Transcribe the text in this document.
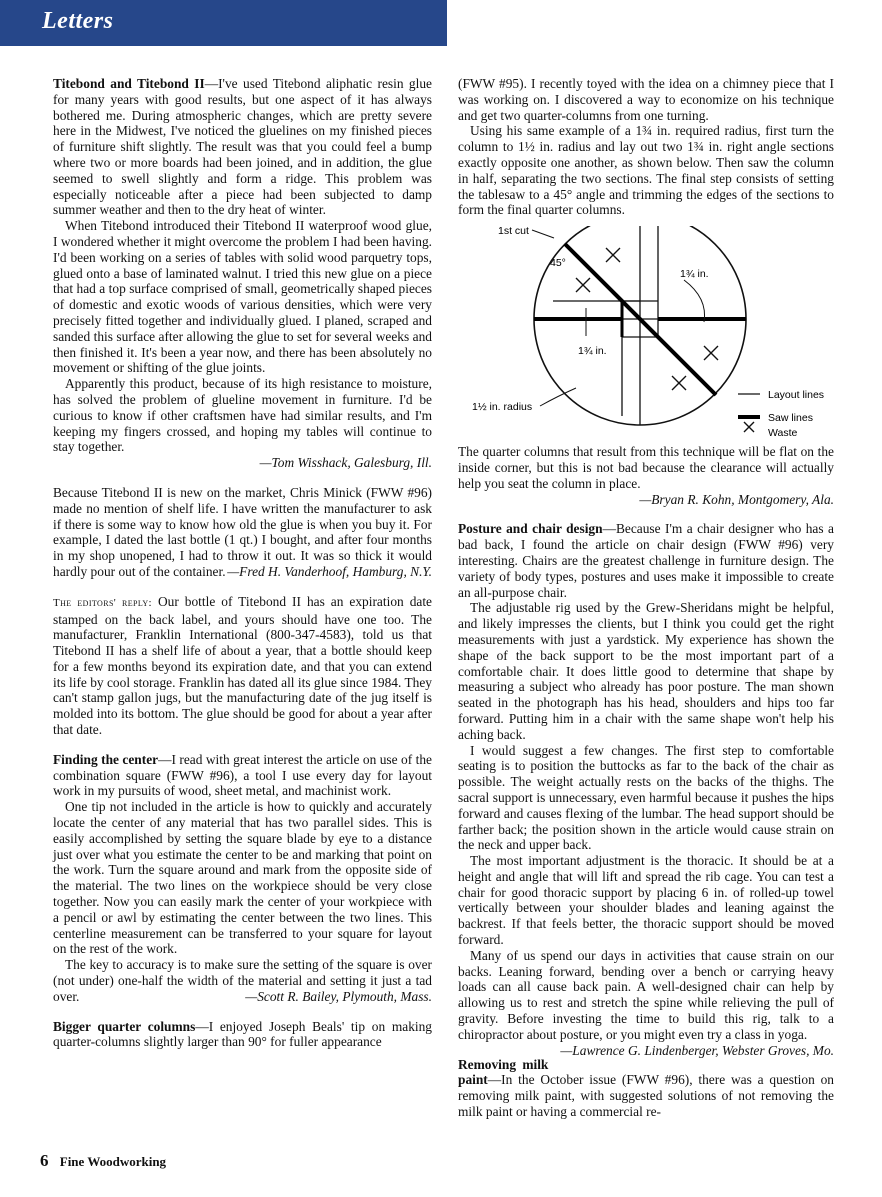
Letters

Titebond and Titebond II—I've used Titebond aliphatic resin glue for many years with good results, but one aspect of it has always bothered me. During atmospheric changes, which are pretty severe here in the Midwest, I've noticed the gluelines on my finished pieces of furniture shift slightly. The result was that you could feel a bump where two or more boards had been joined, and in addition, the glue seemed to swell slightly and form a ridge. This problem was especially noticeable after a piece had been subjected to damp summer weather and then to the dry heat of winter.

When Titebond introduced their Titebond II waterproof wood glue, I wondered whether it might overcome the problem I had been having. I'd been working on a series of tables with solid wood parquetry tops, glued onto a base of laminated walnut. I tried this new glue on a piece that had a top surface comprised of small, geometrically shaped pieces of domestic and exotic woods of various densities, which were very precisely fitted together and individually glued. I planed, scraped and sanded this surface after allowing the glue to set for several weeks and then finished it. It's been a year now, and there has been absolutely no movement or shifting of the glue joints.

Apparently this product, because of its high resistance to moisture, has solved the problem of glueline movement in furniture. I'd be curious to know if other craftsmen have had similar results, and I'm keeping my fingers crossed, and hoping my tables will continue to stay together.

—Tom Wisshack, Galesburg, Ill.

Because Titebond II is new on the market, Chris Minick (FWW #96) made no mention of shelf life. I have written the manufacturer to ask if there is some way to know how old the glue is when you buy it. For example, I dated the last bottle (1 qt.) I bought, and after four months in my shop unopened, I had to throw it out. It was so thick it would hardly pour out of the container. —Fred H. Vanderhoof, Hamburg, N.Y.

The editors' reply: Our bottle of Titebond II has an expiration date stamped on the back label, and yours should have one too. The manufacturer, Franklin International (800-347-4583), told us that Titebond II has a shelf life of about a year, that a bottle should keep for a few months beyond its expiration date, and that you can extend its life by cool storage. Franklin has dated all its glue since 1984. They can't stamp gallon jugs, but the manufacturing date of the jug itself is molded into its bottom. The glue should be good for about a year after that date.

Finding the center—I read with great interest the article on use of the combination square (FWW #96), a tool I use every day for layout work in my pursuits of wood, sheet metal, and machinist work.

One tip not included in the article is how to quickly and accurately locate the center of any material that has two parallel sides. This is easily accomplished by setting the square blade by eye to a distance just over what you estimate the center to be and marking that point on the work. Turn the square around and mark from the opposite side of the material. The two lines on the workpiece should be very close together. Now you can easily mark the center of your workpiece with a pencil or awl by estimating the center between the two lines. This centerline measurement can be transferred to your square for layout on the rest of the work.

The key to accuracy is to make sure the setting of the square is over (not under) one-half the width of the material and setting it just a tad over.	—Scott R. Bailey, Plymouth, Mass.

Bigger quarter columns—I enjoyed Joseph Beals' tip on making quarter-columns slightly larger than 90° for fuller appearance

(FWW #95). I recently toyed with the idea on a chimney piece that I was working on. I discovered a way to economize on his technique and get two quarter-columns from one turning.

Using his same example of a 1¾ in. required radius, first turn the column to 1½ in. radius and lay out two 1¾ in. right angle sections exactly opposite one another, as shown below. Then saw the column in half, separating the two sections. The final step consists of setting the tablesaw to a 45° angle and trimming the edges of the sections to form the final quarter columns.

1st cut
45°
1¾ in.
1¾ in.
1½ in. radius
Layout lines
Saw lines
Waste

The quarter columns that result from this technique will be flat on the inside corner, but this is not bad because the clearance will actually help you seat the column in place.

—Bryan R. Kohn, Montgomery, Ala.

Posture and chair design—Because I'm a chair designer who has a bad back, I found the article on chair design (FWW #96) very interesting. Chairs are the greatest challenge in furniture design. The variety of body types, postures and uses make it impossible to create an all-purpose chair.

The adjustable rig used by the Grew-Sheridans might be helpful, and likely impresses the clients, but I think you could get the right measurements with just a yardstick. My experience has shown the shape of the back support to be the most important part of a comfortable chair. It does little good to determine that shape by measuring a subject who already has poor posture. The man shown seated in the photograph has his head, shoulders and hips too far forward. Putting him in a chair with the same shape won't help his aching back.

I would suggest a few changes. The first step to comfortable seating is to position the buttocks as far to the back of the chair as possible. The weight actually rests on the backs of the thighs. The sacral support is unnecessary, even harmful because it pushes the hips forward and causes flexing of the lumbar. The head support should be farther back; the position shown in the article would cause strain on the neck and upper back.

The most important adjustment is the thoracic. It should be at a height and angle that will lift and spread the rib cage. You can test a chair for good thoracic support by placing 6 in. of rolled-up towel vertically between your shoulder blades and leaning against the backrest. If that feels better, the thoracic support should be moved forward.

Many of us spend our days in activities that cause strain on our backs. Leaning forward, bending over a bench or carrying heavy loads can all cause back pain. A well-designed chair can help by allowing us to rest and stretch the spine while relieving the pull of gravity. Before investing the time to build this rig, talk to a chiropractor about posture, or you might even try a class in yoga.
—Lawrence G. Lindenberger, Webster Groves, Mo.

Removing milk paint—In the October issue (FWW #96), there was a question on removing milk paint, with suggested solutions of not removing the milk paint or having a commercial re-

6 Fine Woodworking
